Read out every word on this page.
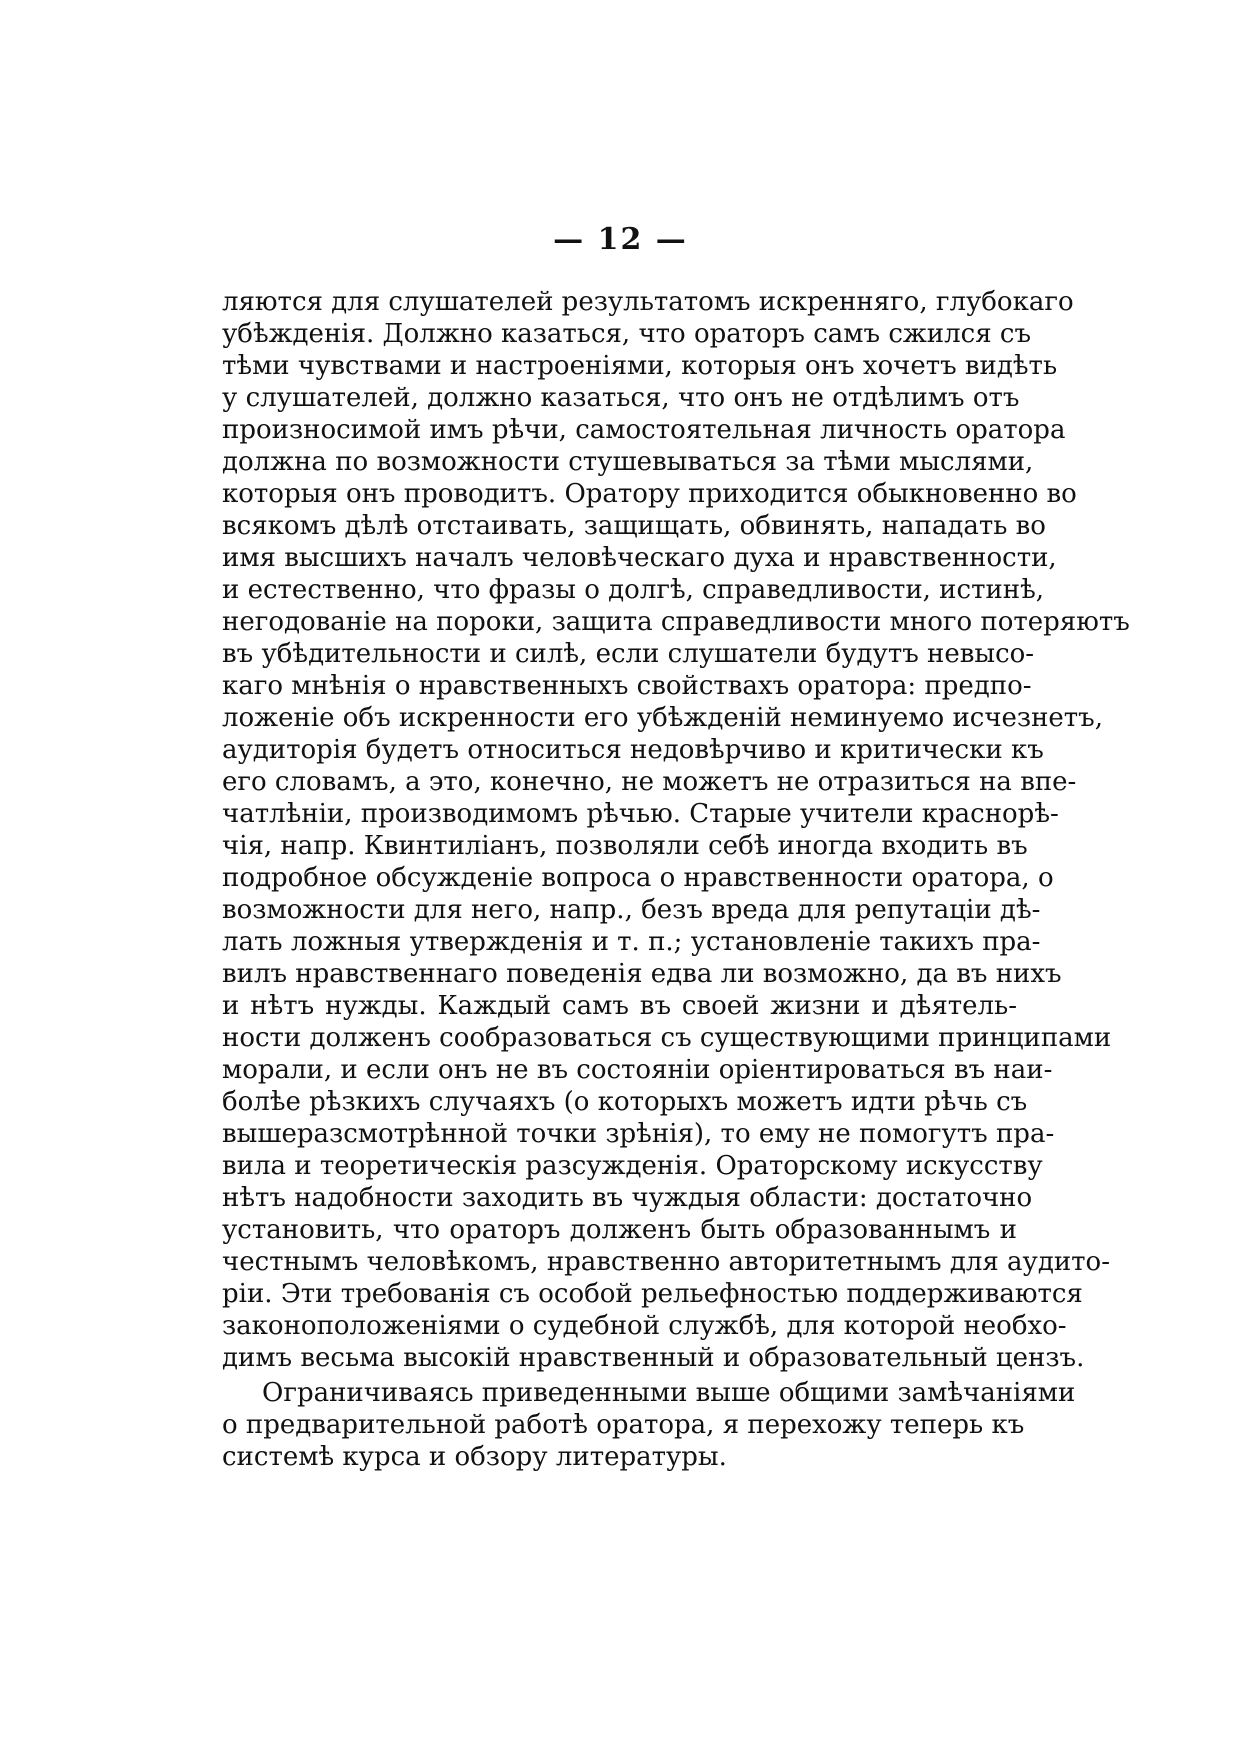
— 12 —
ляются для слушателей результатомъ искренняго, глубокаго
убѣжденія. Должно казаться, что ораторъ самъ сжился съ
тѣми чувствами и настроеніями, которыя онъ хочетъ видѣть
у слушателей, должно казаться, что онъ не отдѣлимъ отъ
произносимой имъ рѣчи, самостоятельная личность оратора
должна по возможности стушевываться за тѣми мыслями,
которыя онъ проводитъ. Оратору приходится обыкновенно во
всякомъ дѣлѣ отстаивать, защищать, обвинять, нападать во
имя высшихъ началъ человѣческаго духа и нравственности,
и естественно, что фразы о долгѣ, справедливости, истинѣ,
негодованіе на пороки, защита справедливости много потеряютъ
въ убѣдительности и силѣ, если слушатели будутъ невысо-
каго мнѣнія о нравственныхъ свойствахъ оратора: предпо-
ложеніе объ искренности его убѣжденій неминуемо исчезнетъ,
аудиторія будетъ относиться недовѣрчиво и критически къ
его словамъ, а это, конечно, не можетъ не отразиться на впе-
чатлѣніи, производимомъ рѣчью. Старые учители краснорѣ-
чія, напр. Квинтиліанъ, позволяли себѣ иногда входить въ
подробное обсужденіе вопроса о нравственности оратора, о
возможности для него, напр., безъ вреда для репутаціи дѣ-
лать ложныя утвержденія и т. п.; установленіе такихъ пра-
вилъ нравственнаго поведенія едва ли возможно, да въ нихъ
и нѣтъ нужды. Каждый самъ въ своей жизни и дѣятель-
ности долженъ сообразоваться съ существующими принципами
морали, и если онъ не въ состояніи оріентироваться въ наи-
болѣе рѣзкихъ случаяхъ (о которыхъ можетъ идти рѣчь съ
вышеразсмотрѣнной точки зрѣнія), то ему не помогутъ пра-
вила и теоретическія разсужденія. Ораторскому искусству
нѣтъ надобности заходить въ чуждыя области: достаточно
установить, что ораторъ долженъ быть образованнымъ и
честнымъ человѣкомъ, нравственно авторитетнымъ для аудито-
ріи. Эти требованія съ особой рельефностью поддерживаются
законоположеніями о судебной службѣ, для которой необхо-
димъ весьма высокій нравственный и образовательный цензъ.
Ограничиваясь приведенными выше общими замѣчаніями
о предварительной работѣ оратора, я перехожу теперь къ
системѣ курса и обзору литературы.
